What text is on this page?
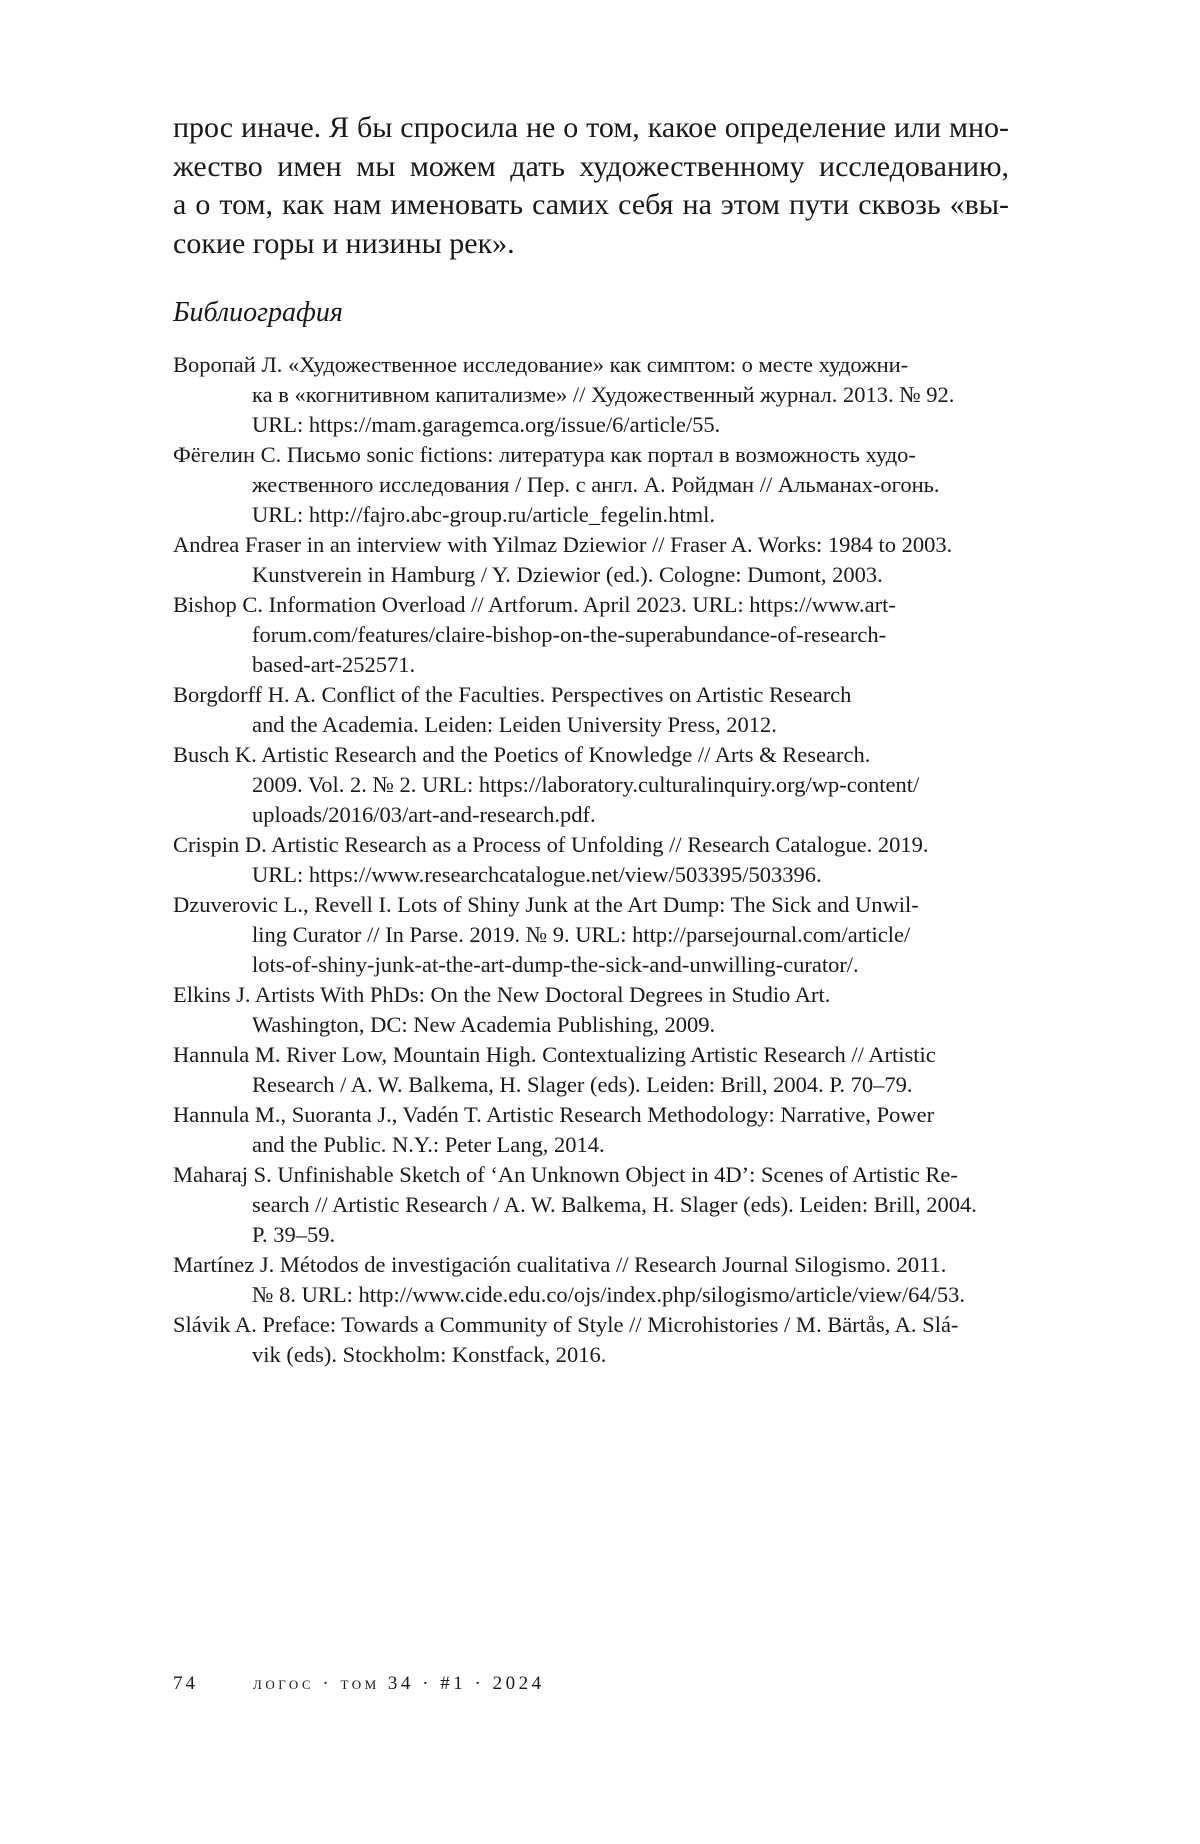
прос иначе. Я бы спросила не о том, какое определение или мно-
жество имен мы можем дать художественному исследованию,
а о том, как нам именовать самих себя на этом пути сквозь «вы-
сокие горы и низины рек».

Библиография
Воропай Л. «Художественное исследование» как симптом: о месте художни-
ка в «когнитивном капитализме» // Художественный журнал. 2013. № 92.
URL: https://mam.garagemca.org/issue/6/article/55.
Фёгелин С. Письмо sonic fictions: литература как портал в возможность худо-
жественного исследования / Пер. с англ. А. Ройдман // Альманах-огонь.
URL: http://fajro.abc-group.ru/article_fegelin.html.
Andrea Fraser in an interview with Yilmaz Dziewior // Fraser A. Works: 1984 to 2003.
Kunstverein in Hamburg / Y. Dziewior (ed.). Cologne: Dumont, 2003.
Bishop C. Information Overload // Artforum. April 2023. URL: https://www.art-
forum.com/features/claire-bishop-on-the-superabundance-of-research-
based-art-252571.
Borgdorff H. A. Conflict of the Faculties. Perspectives on Artistic Research
and the Academia. Leiden: Leiden University Press, 2012.
Busch K. Artistic Research and the Poetics of Knowledge // Arts & Research.
2009. Vol. 2. № 2. URL: https://laboratory.culturalinquiry.org/wp-content/
uploads/2016/03/art-and-research.pdf.
Crispin D. Artistic Research as a Process of Unfolding // Research Catalogue. 2019.
URL: https://www.researchcatalogue.net/view/503395/503396.
Dzuverovic L., Revell I. Lots of Shiny Junk at the Art Dump: The Sick and Unwil-
ling Curator // In Parse. 2019. № 9. URL: http://parsejournal.com/article/
lots-of-shiny-junk-at-the-art-dump-the-sick-and-unwilling-curator/.
Elkins J. Artists With PhDs: On the New Doctoral Degrees in Studio Art.
Washington, DC: New Academia Publishing, 2009.
Hannula M. River Low, Mountain High. Contextualizing Artistic Research // Artistic
Research / A. W. Balkema, H. Slager (eds). Leiden: Brill, 2004. P. 70–79.
Hannula M., Suoranta J., Vadén T. Artistic Research Methodology: Narrative, Power
and the Public. N.Y.: Peter Lang, 2014.
Maharaj S. Unfinishable Sketch of ‘An Unknown Object in 4D’: Scenes of Artistic Re-
search // Artistic Research / A. W. Balkema, H. Slager (eds). Leiden: Brill, 2004.
P. 39–59.
Martínez J. Métodos de investigación cualitativa // Research Journal Silogismo. 2011.
№ 8. URL: http://www.cide.edu.co/ojs/index.php/silogismo/article/view/64/53.
Slávik A. Preface: Towards a Community of Style // Microhistories / M. Bärtås, A. Slá-
vik (eds). Stockholm: Konstfack, 2016.
74	логос · том 34 · #1 · 2024
